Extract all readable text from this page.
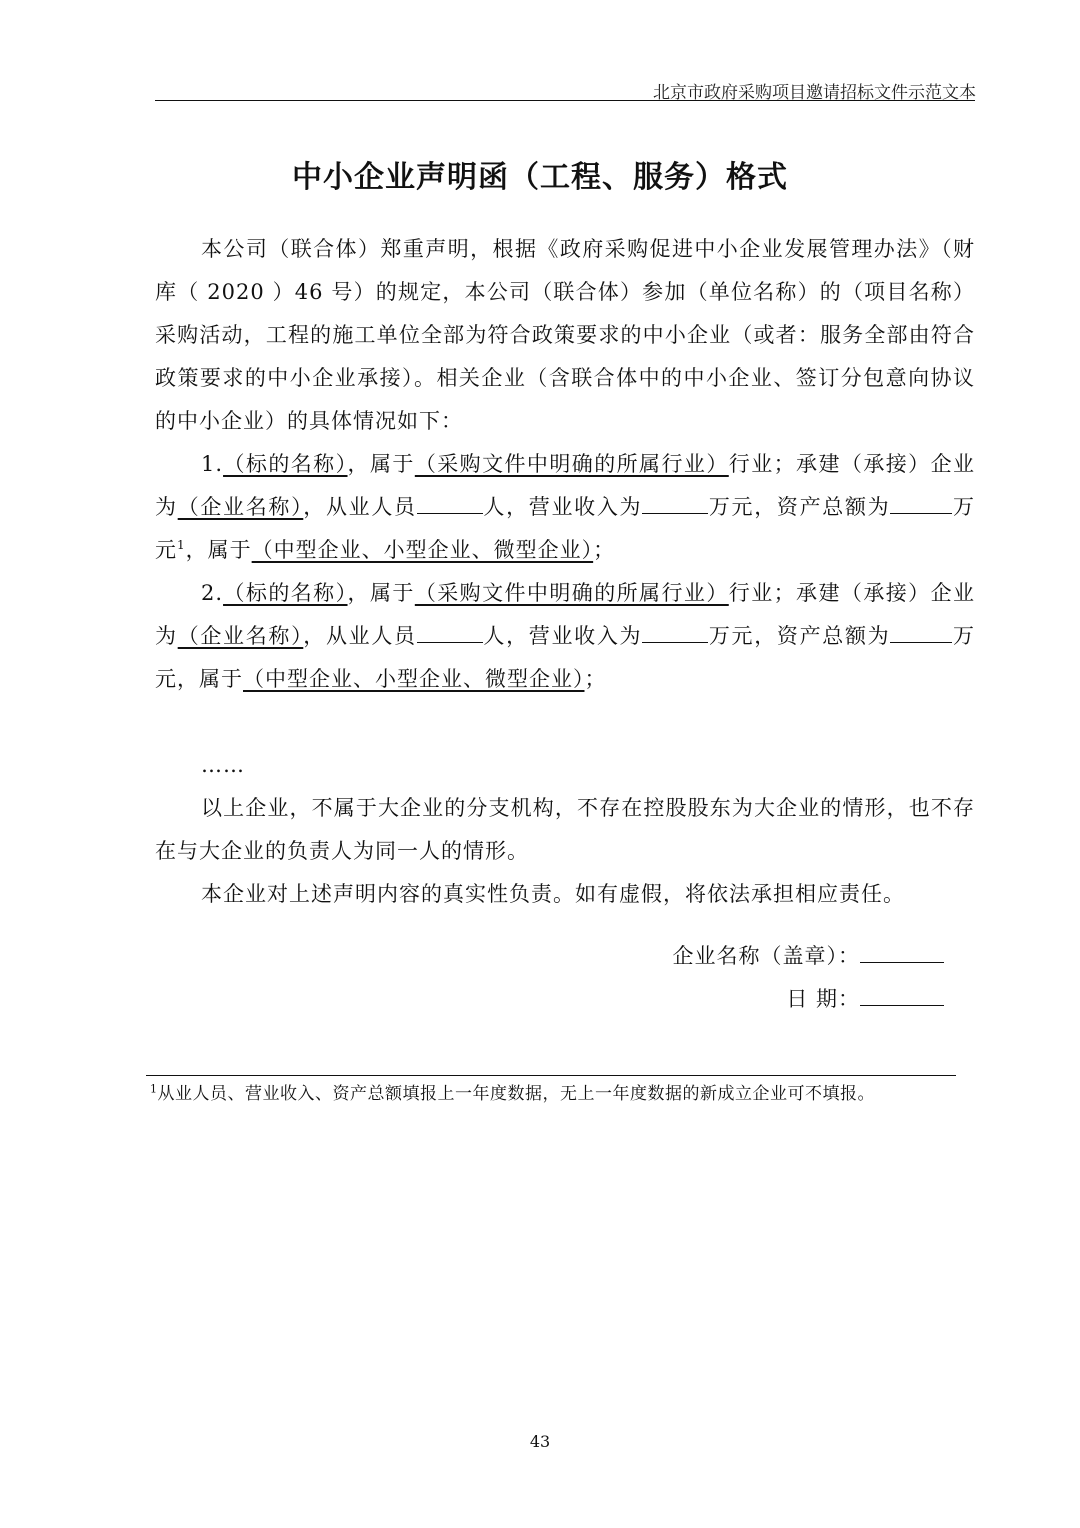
北京市政府采购项目邀请招标文件示范文本
中小企业声明函（工程、服务）格式

本公司（联合体）郑重声明，根据《政府采购促进中小企业发展管理办法》（财库（ 2020 ）46 号）的规定，本公司（联合体）参加（单位名称）的（项目名称）采购活动，工程的施工单位全部为符合政策要求的中小企业（或者：服务全部由符合政策要求的中小企业承接）。相关企业（含联合体中的中小企业、签订分包意向协议的中小企业）的具体情况如下：

1.（标的名称），属于（采购文件中明确的所属行业）行业；承建（承接）企业为（企业名称），从业人员	人，营业收入为	万元，资产总额为	万元$^1$，属于（中型企业、小型企业、微型企业）；

2.（标的名称），属于（采购文件中明确的所属行业）行业；承建（承接）企业为（企业名称），从业人员	人，营业收入为	万元，资产总额为	万元，属于（中型企业、小型企业、微型企业）；

……

以上企业，不属于大企业的分支机构，不存在控股股东为大企业的情形，也不存在与大企业的负责人为同一人的情形。

本企业对上述声明内容的真实性负责。如有虚假，将依法承担相应责任。

企业名称（盖章）：
日 期：
$^1$从业人员、营业收入、资产总额填报上一年度数据，无上一年度数据的新成立企业可不填报。
43
